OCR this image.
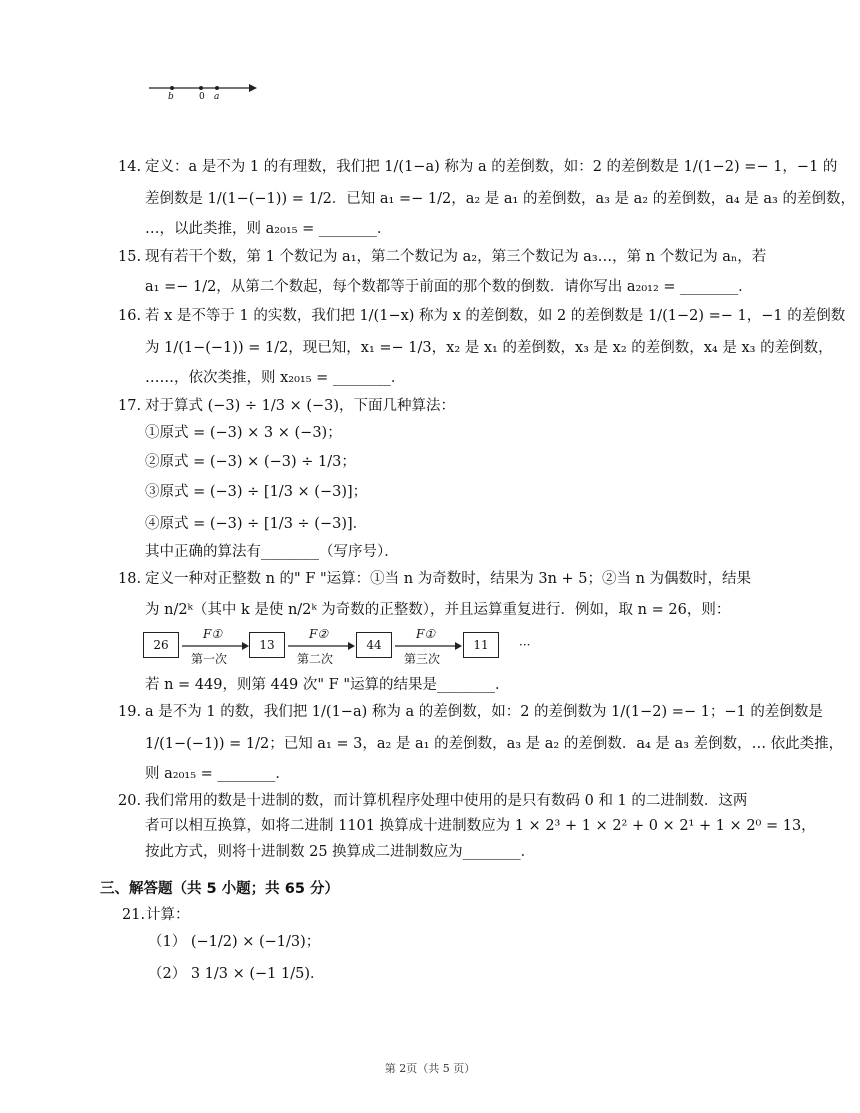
b	0 a
14. 定义：a 是不为 1 的有理数，我们把 1/(1−a) 称为 a 的差倒数，如：2 的差倒数是 1/(1−2) =− 1，−1 的
差倒数是 1/(1−(−1)) = 1/2．已知 a₁ =− 1/2，a₂ 是 a₁ 的差倒数，a₃ 是 a₂ 的差倒数，a₄ 是 a₃ 的差倒数，
…，以此类推，则 a₂₀₁₅ = ________．
15. 现有若干个数，第 1 个数记为 a₁，第二个数记为 a₂，第三个数记为 a₃…，第 n 个数记为 aₙ，若
a₁ =− 1/2，从第二个数起，每个数都等于前面的那个数的倒数．请你写出 a₂₀₁₂ = ________．
16. 若 x 是不等于 1 的实数，我们把 1/(1−x) 称为 x 的差倒数，如 2 的差倒数是 1/(1−2) =− 1，−1 的差倒数
为 1/(1−(−1)) = 1/2，现已知，x₁ =− 1/3，x₂ 是 x₁ 的差倒数，x₃ 是 x₂ 的差倒数，x₄ 是 x₃ 的差倒数，
……，依次类推，则 x₂₀₁₅ = ________．
17. 对于算式 (−3) ÷ 1/3 × (−3)，下面几种算法：
①原式 = (−3) × 3 × (−3)；
②原式 = (−3) × (−3) ÷ 1/3；
③原式 = (−3) ÷ [1/3 × (−3)]；
④原式 = (−3) ÷ [1/3 ÷ (−3)]．
其中正确的算法有________（写序号）．
18. 定义一种对正整数 n 的" F "运算：①当 n 为奇数时，结果为 3n + 5；②当 n 为偶数时，结果
为 n/2ᵏ（其中 k 是使 n/2ᵏ 为奇数的正整数），并且运算重复进行．例如，取 n = 26，则：
26	13	44	11
F①	F②	F①
第一次	第二次	第三次
···
若 n = 449，则第 449 次" F "运算的结果是________．
19. a 是不为 1 的数，我们把 1/(1−a) 称为 a 的差倒数，如：2 的差倒数为 1/(1−2) =− 1；−1 的差倒数是
1/(1−(−1)) = 1/2；已知 a₁ = 3，a₂ 是 a₁ 的差倒数，a₃ 是 a₂ 的差倒数．a₄ 是 a₃ 差倒数，… 依此类推，
则 a₂₀₁₅ = ________．
20. 我们常用的数是十进制的数，而计算机程序处理中使用的是只有数码 0 和 1 的二进制数．这两
者可以相互换算，如将二进制 1101 换算成十进制数应为 1 × 2³ + 1 × 2² + 0 × 2¹ + 1 × 2⁰ = 13，
按此方式，则将十进制数 25 换算成二进制数应为________．
三、解答题（共 5 小题；共 65 分）
21. 计算：
（1） (−1/2) × (−1/3)；
（2） 3 1/3 × (−1 1/5)．
第 2页（共 5 页）
